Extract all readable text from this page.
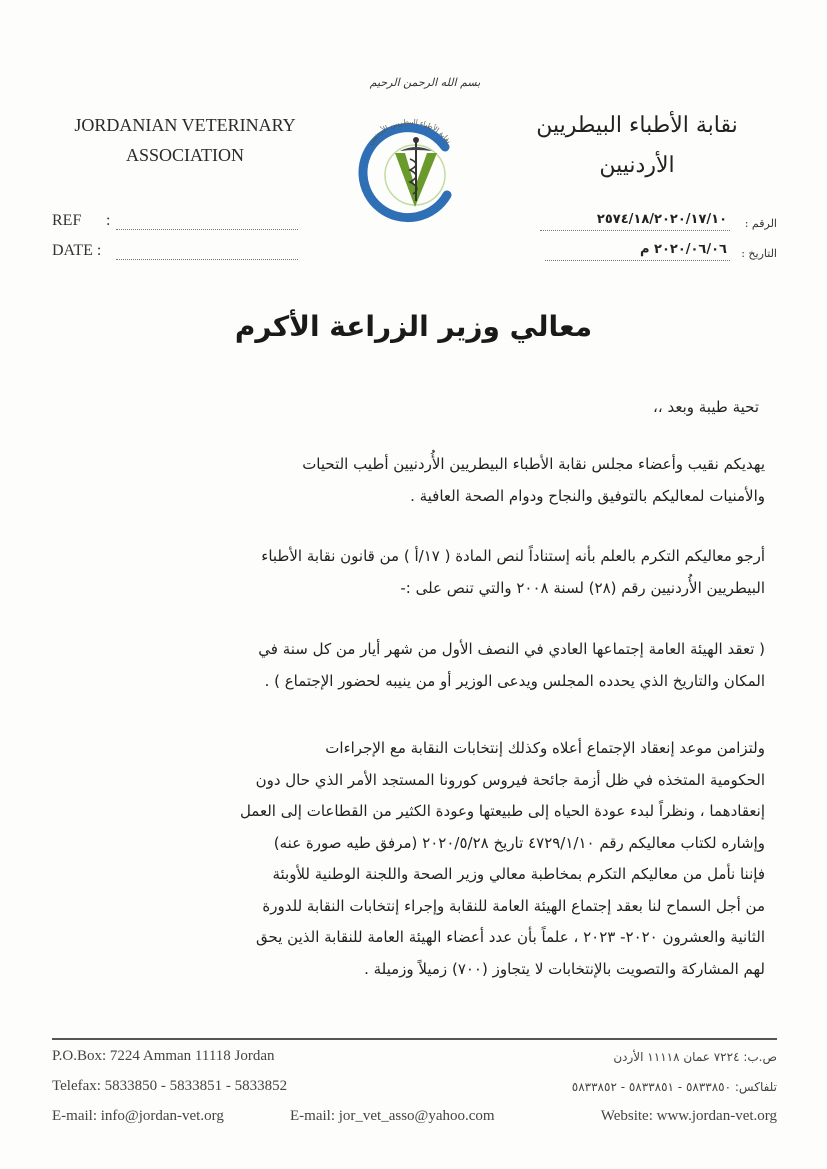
JORDANIAN VETERINARY
ASSOCIATION
نقابة الأطباء البيطريين
الأردنيين
بسم الله الرحمن الرحيم
نقابة الأطباء البيطريين الأردنيين
REF :
DATE :
الرقم :
٢٥٧٤/١٨/٢٠٢٠/١٧/١٠
التاريخ :
٢٠٢٠/٠٦/٠٦ م
معالي وزير الزراعة الأكرم
تحية طيبة وبعد ،،

يهديكم نقيب وأعضاء مجلس نقابة الأطباء البيطريين الأُردنيين أطيب التحيات

والأمنيات لمعاليكم بالتوفيق والنجاح ودوام الصحة العافية .

أرجو معاليكم التكرم بالعلم بأنه إستناداً لنص المادة ( ١٧/أ ) من قانون نقابة الأطباء

البيطريين الأُردنيين رقم (٢٨) لسنة ٢٠٠٨ والتي تنص على :-

( تعقد الهيئة العامة إجتماعها العادي في النصف الأول من شهر أيار من كل سنة في

المكان والتاريخ الذي يحدده المجلس ويدعى الوزير أو من ينيبه لحضور الإجتماع ) .

ولتزامن موعد إنعقاد الإجتماع أعلاه وكذلك إنتخابات النقابة مع الإجراءات

الحكومية المتخذه في ظل أزمة جائحة فيروس كورونا المستجد الأمر الذي حال دون

إنعقادهما ، ونظراً لبدء عودة الحياه إلى طبيعتها وعودة الكثير من القطاعات إلى العمل

وإشاره لكتاب معاليكم رقم ٤٧٢٩/١/١٠ تاريخ ٢٠٢٠/٥/٢٨ (مرفق طيه صورة عنه)

فإننا نأمل من معاليكم التكرم بمخاطبة معالي وزير الصحة واللجنة الوطنية للأوبئة

من أجل السماح لنا بعقد إجتماع الهيئة العامة للنقابة وإجراء إنتخابات النقابة للدورة

الثانية والعشرون ٢٠٢٠- ٢٠٢٣ ، علماً بأن عدد أعضاء الهيئة العامة للنقابة الذين يحق

لهم المشاركة والتصويت بالإنتخابات لا يتجاوز (٧٠٠) زميلاً وزميلة .

P.O.Box: 7224 Amman 11118 Jordan
Telefax: 5833850 - 5833851 - 5833852
E-mail: info@jordan-vet.org	E-mail: jor_vet_asso@yahoo.com	Website: www.jordan-vet.org
ص.ب: ٧٢٢٤ عمان ١١١١٨ الأردن
تلفاكس: ٥٨٣٣٨٥٠ - ٥٨٣٣٨٥١ - ٥٨٣٣٨٥٢
